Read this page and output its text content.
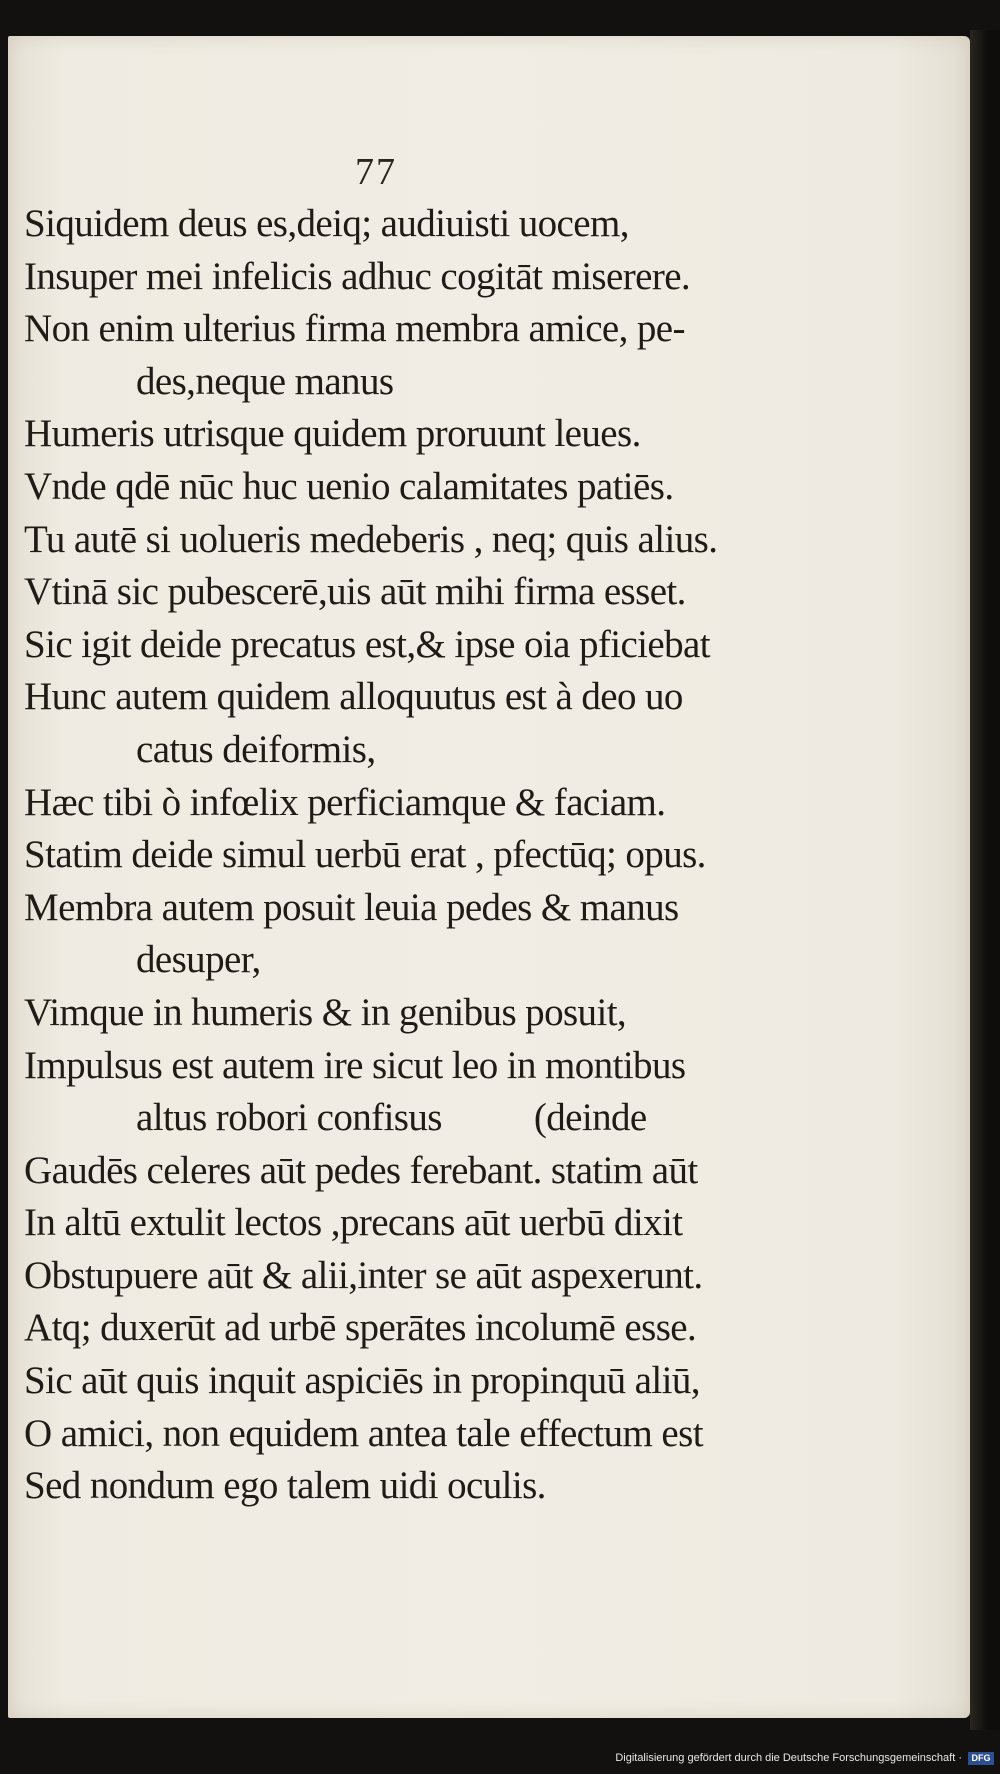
77
Siquidem deus es,deiq; audiuisti uocem,
Insuper mei infelicis adhuc cogitāt miserere.
Non enim ulterius firma membra amice, pe-
des,neque manus
Humeris utrisque quidem proruunt leues.
Vnde qdē nūc huc uenio calamitates patiēs.
Tu autē si uolueris medeberis , neq; quis alius.
Vtinā sic pubescerē,uis aūt mihi firma esset.
Sic igit deide precatus est,& ipse oia pficiebat
Hunc autem quidem alloquutus est à deo uo
catus deiformis,
Hæc tibi ò infœlix perficiamque & faciam.
Statim deide simul uerbū erat , pfectūq; opus.
Membra autem posuit leuia pedes & manus
desuper,
Vimque in humeris & in genibus posuit,
Impulsus est autem ire sicut leo in montibus
altus robori confisus (deinde
Gaudēs celeres aūt pedes ferebant. statim aūt
In altū extulit lectos ,precans aūt uerbū dixit
Obstupuere aūt & alii,inter se aūt aspexerunt.
Atq; duxerūt ad urbē sperātes incolumē esse.
Sic aūt quis inquit aspiciēs in propinquū aliū,
O amici, non equidem antea tale effectum est
Sed nondum ego talem uidi oculis.
Digitalisierung gefördert durch die Deutsche Forschungsgemeinschaft ·	DFG
